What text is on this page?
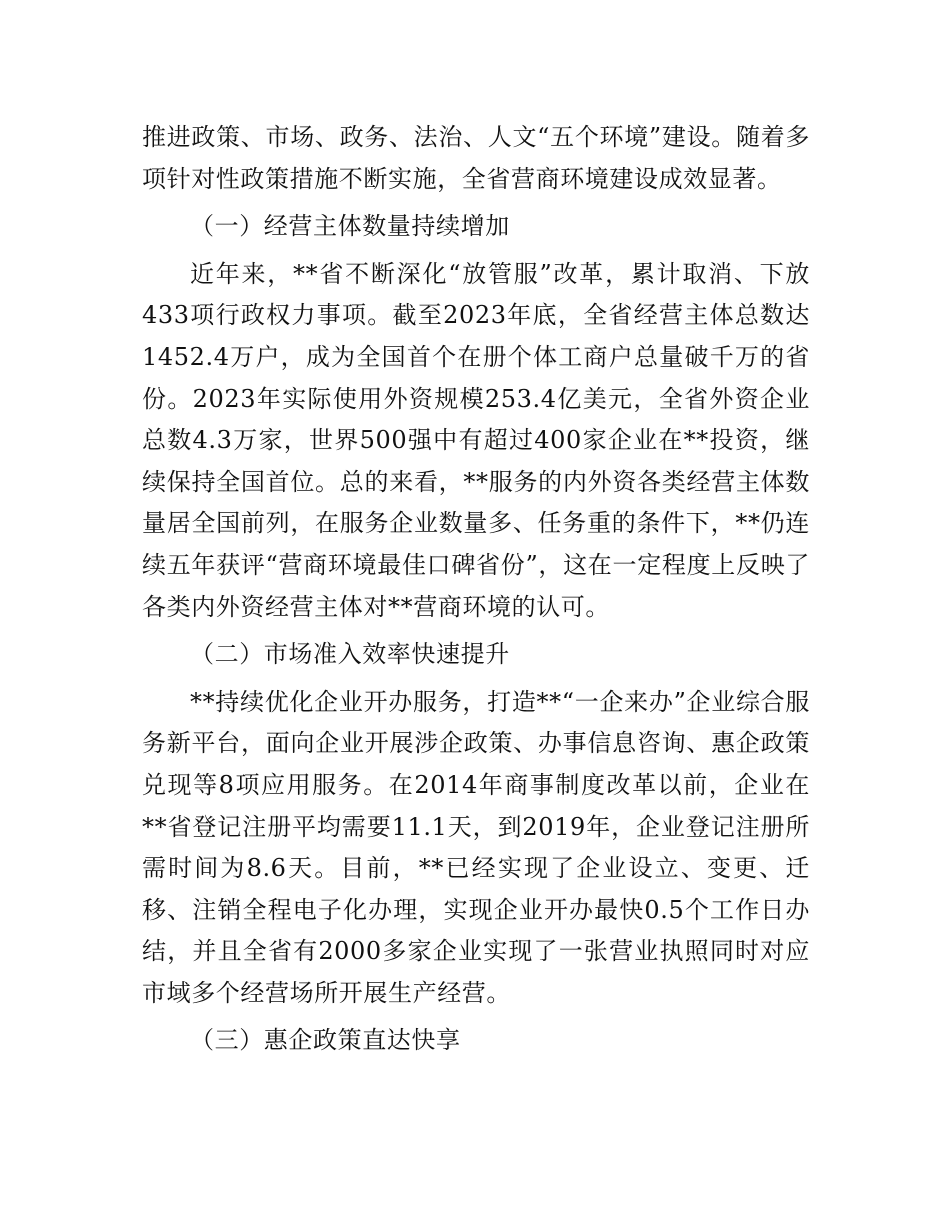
推进政策、市场、政务、法治、人文“五个环境”建设。随着多项针对性政策措施不断实施，全省营商环境建设成效显著。

（一）经营主体数量持续增加

近年来，**省不断深化“放管服”改革，累计取消、下放433项行政权力事项。截至2023年底，全省经营主体总数达1452.4万户，成为全国首个在册个体工商户总量破千万的省份。2023年实际使用外资规模253.4亿美元，全省外资企业总数4.3万家，世界500强中有超过400家企业在**投资，继续保持全国首位。总的来看，**服务的内外资各类经营主体数量居全国前列，在服务企业数量多、任务重的条件下，**仍连续五年获评“营商环境最佳口碑省份”，这在一定程度上反映了各类内外资经营主体对**营商环境的认可。

（二）市场准入效率快速提升

**持续优化企业开办服务，打造**“一企来办”企业综合服务新平台，面向企业开展涉企政策、办事信息咨询、惠企政策兑现等8项应用服务。在2014年商事制度改革以前，企业在**省登记注册平均需要11.1天，到2019年，企业登记注册所需时间为8.6天。目前，**已经实现了企业设立、变更、迁移、注销全程电子化办理，实现企业开办最快0.5个工作日办结，并且全省有2000多家企业实现了一张营业执照同时对应市域多个经营场所开展生产经营。

（三）惠企政策直达快享
